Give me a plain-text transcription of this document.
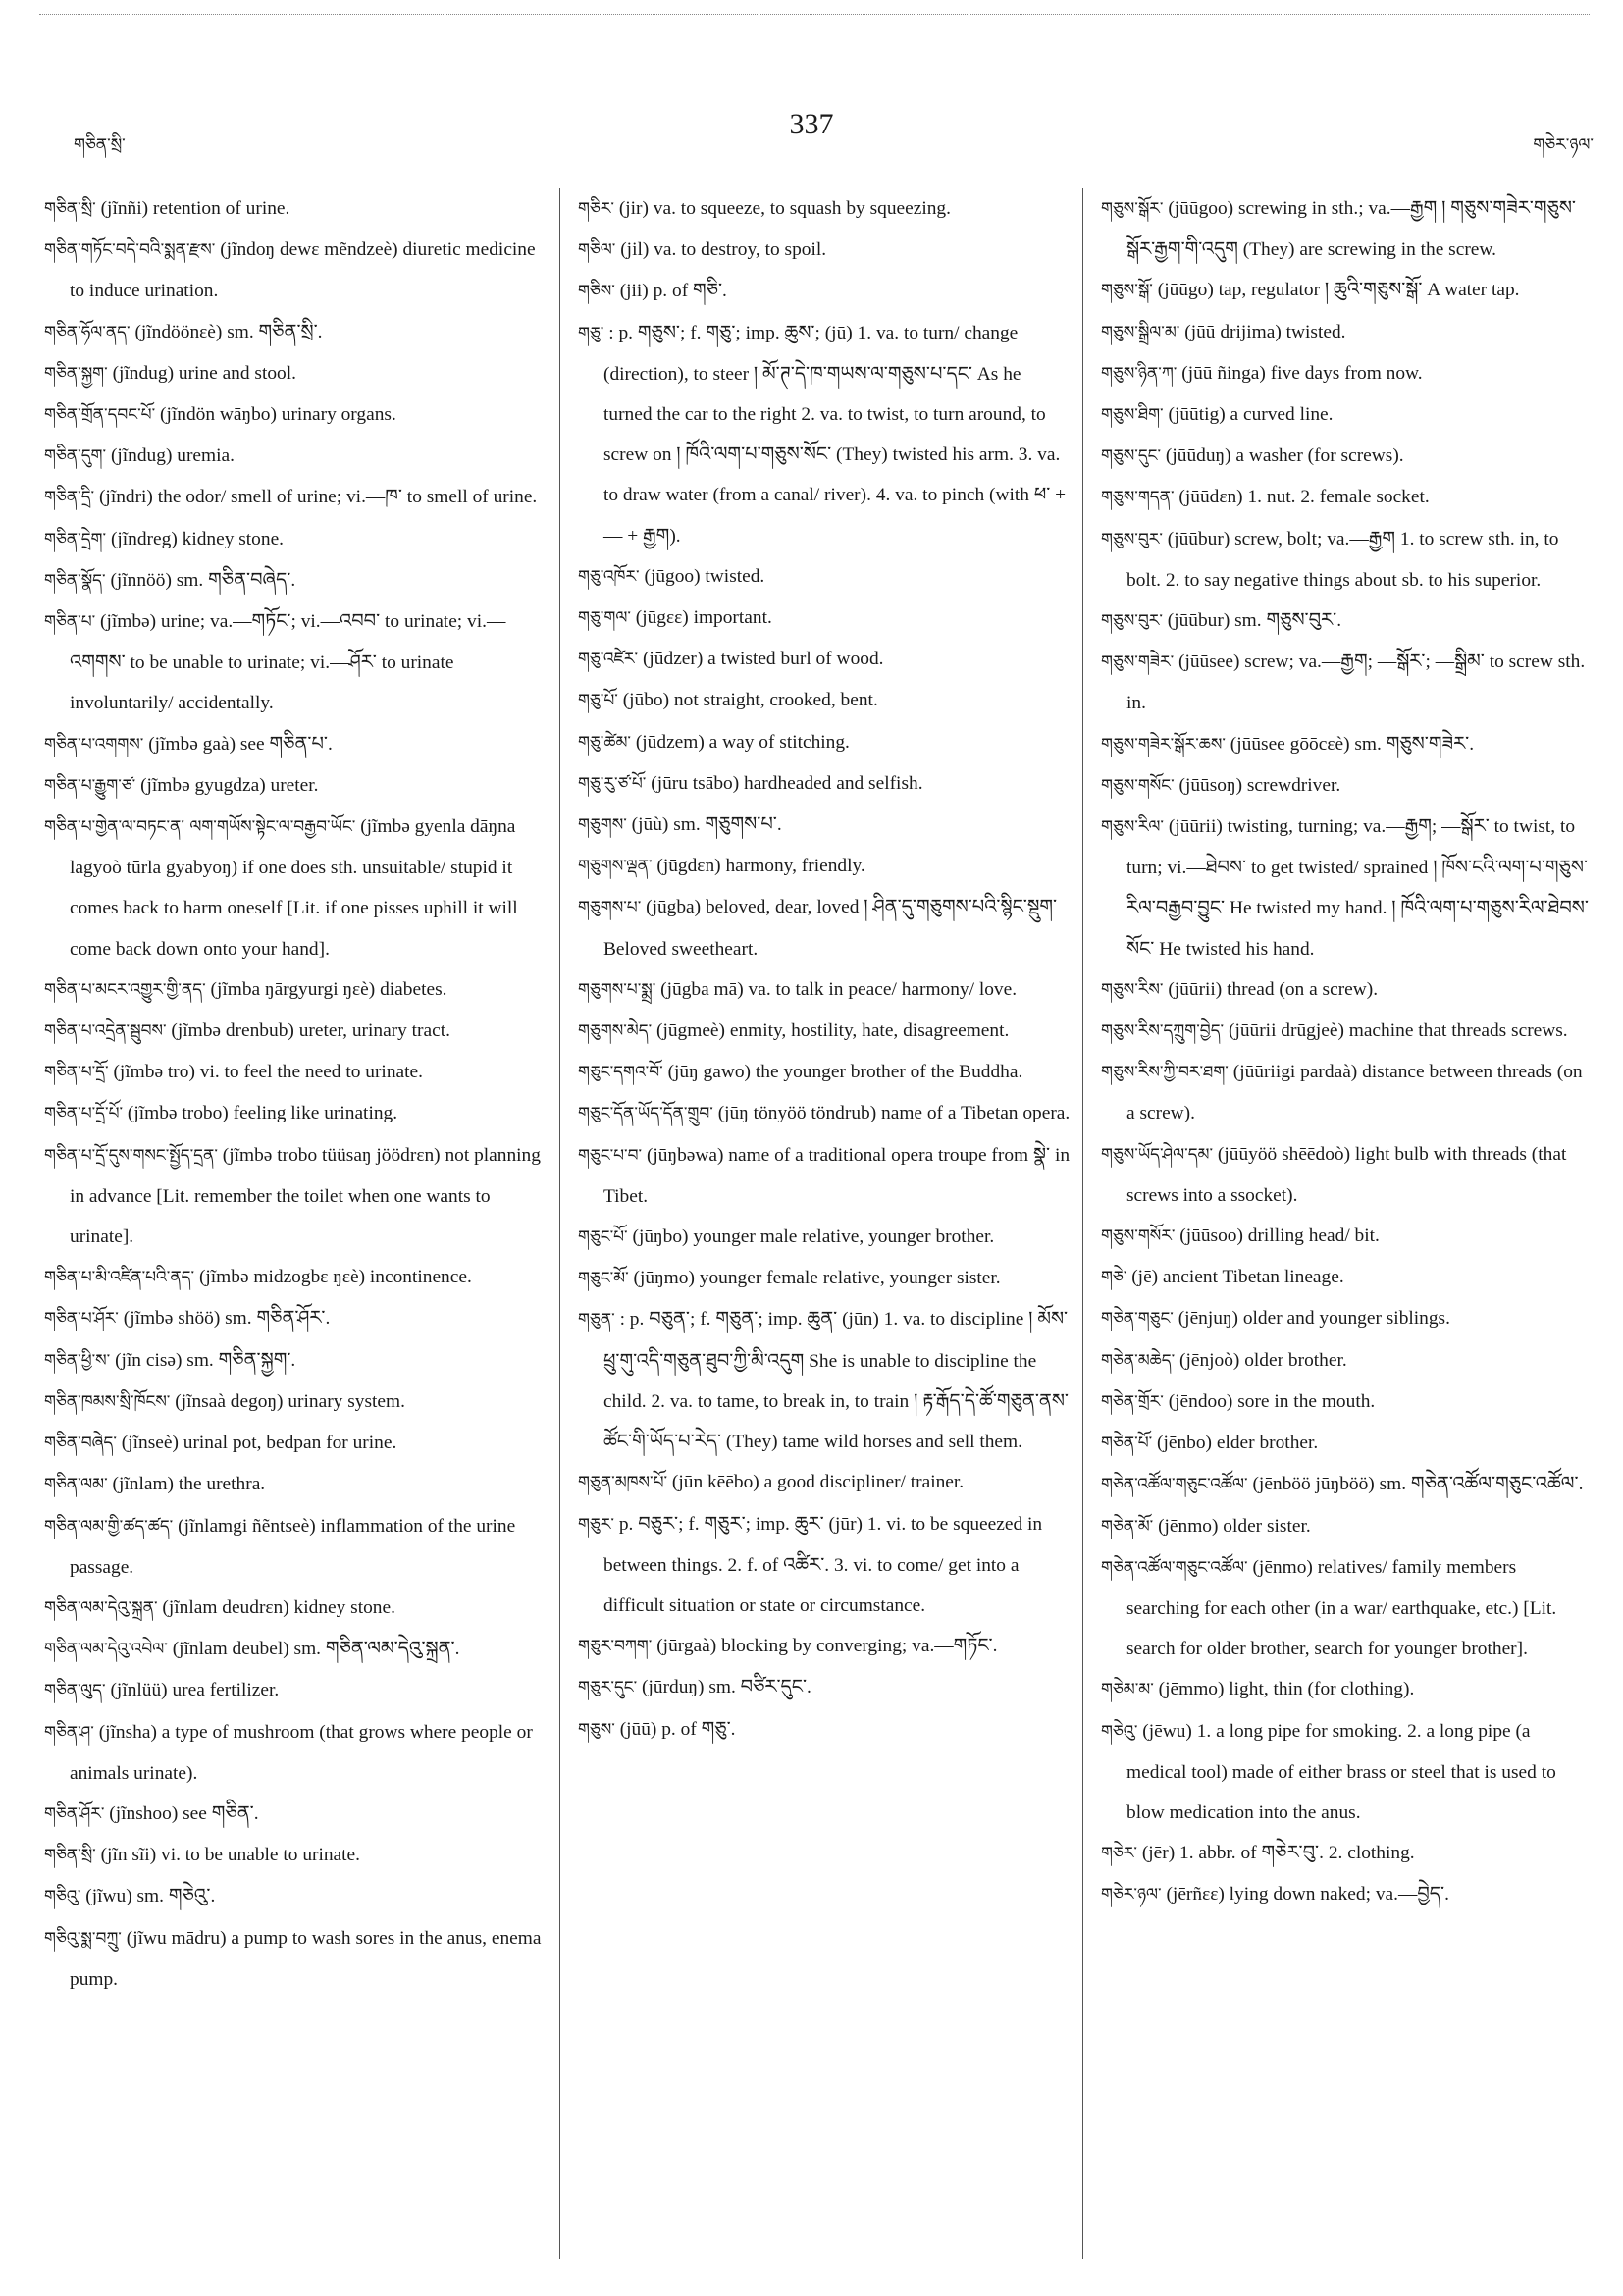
གཅིན་སྲི་
337
གཅེར་ཉལ་
གཅིན་སྲི་ (jĩnñi) retention of urine.
གཅིན་གཏོང་བདེ་བའི་སྨན་རྫས་ (jĩndoŋ dewɛ mẽndzeè) diuretic medicine to induce urination.
གཅིན་ཧོལ་ནད་ (jĩndöönεè) sm. གཅིན་སྲི་.
གཅིན་སྐྱག་ (jĩndug) urine and stool.
གཅིན་གྲོན་དབང་པོ་ (jĩndön wāŋbo) urinary organs.
གཅིན་དུག་ (jĩndug) uremia.
གཅིན་དྲི་ (jĩndri) the odor/ smell of urine; vi.—ཁ་ to smell of urine.
གཅིན་དྲེག་ (jĩndreg) kidney stone.
གཅིན་སྣོད་ (jĩnnöö) sm. གཅིན་བཞེད་.
གཅིན་པ་ (jĩmbə) urine; va.—གཏོང་; vi.—འབབ་ to urinate; vi.—འགགས་ to be unable to urinate; vi.—ཤོར་ to urinate involuntarily/ accidentally.
གཅིན་པ་འགགས་ (jĩmbə gaà) see གཅིན་པ་.
གཅིན་པ་རྒྱུག་ཙ་ (jĩmbə gyugdza) ureter.
གཅིན་པ་གྱེན་ལ་བཏང་ན་ ལག་གཡོས་སྟེང་ལ་བརྒྱབ་ཡོང་ (jĩmbə gyenla dāŋna lagyoò tūrla gyabyoŋ) if one does sth. unsuitable/ stupid it comes back to harm oneself [Lit. if one pisses uphill it will come back down onto your hand].
གཅིན་པ་མངར་འགྱུར་གྱི་ནད་ (jĩmba ŋārgyurgi ŋɛè) diabetes.
གཅིན་པ་འདྲེན་སྦུབས་ (jĩmbə drenbub) ureter, urinary tract.
གཅིན་པ་དྲོ་ (jĩmbə tro) vi. to feel the need to urinate.
གཅིན་པ་དྲོ་པོ་ (jĩmbə trobo) feeling like urinating.
གཅིན་པ་དྲོ་དུས་གསང་སྤྱོད་དྲན་ (jĩmbə trobo tüüsaŋ jöödrεn) not planning in advance [Lit. remember the toilet when one wants to urinate].
གཅིན་པ་མི་འཛིན་པའི་ནད་ (jĩmbə midzogbε ŋɛè) incontinence.
གཅིན་པ་ཤོར་ (jĩmbə shöö) sm. གཅིན་ཤོར་.
གཅིན་ཕྱི་ས་ (jĩn cisə) sm. གཅིན་སྐྱག་.
གཅིན་ཁམས་སྲི་ཁོངས་ (jĩnsaà degoŋ) urinary system.
གཅིན་བཞེད་ (jĩnseè) urinal pot, bedpan for urine.
གཅིན་ལམ་ (jĩnlam) the urethra.
གཅིན་ལམ་གྱི་ཚད་ཚད་ (jĩnlamgi ñẽntseè) inflammation of the urine passage.
གཅིན་ལམ་དེའུ་སྐྲན་ (jĩnlam deudrεn) kidney stone.
གཅིན་ལམ་དེའུ་འབེལ་ (jĩnlam deubel) sm. གཅིན་ལམ་དེའུ་སྐྲན་.
གཅིན་ལུད་ (jĩnlüü) urea fertilizer.
གཅིན་ཤ་ (jĩnsha) a type of mushroom (that grows where people or animals urinate).
གཅིན་ཤོར་ (jĩnshoo) see གཅིན་.
གཅིན་སྲི་ (jĩn sĩi) vi. to be unable to urinate.
གཅིའུ་ (jĩwu) sm. གཅེའུ་.
གཅིའུ་སྨ་བཀྲུ་ (jĩwu mādru) a pump to wash sores in the anus, enema pump.
གཅིར་ (jir) va. to squeeze, to squash by squeezing.
གཅིལ་ (jil) va. to destroy, to spoil.
གཅིས་ (jii) p. of གཅི་.
གཅུ་ : p. གཅུས་; f. གཅུ་; imp. ཆུས་; (jū) 1. va. to turn/ change (direction), to steer ། མོ་ཊ་དེ་ཁ་གཡས་ལ་གཅུས་པ་དང་ As he turned the car to the right 2. va. to twist, to turn around, to screw on ། ཁོའི་ལག་པ་གཅུས་སོང་ (They) twisted his arm. 3. va. to draw water (from a canal/ river). 4. va. to pinch (with ཕ་ + — + རྒྱག).
གཅུ་འཁོར་ (jūgoo) twisted.
གཅུ་གལ་ (jūgεε) important.
གཅུ་འཛེར་ (jūdzer) a twisted burl of wood.
གཅུ་པོ་ (jūbo) not straight, crooked, bent.
གཅུ་ཚེམ་ (jūdzem) a way of stitching.
གཅུ་རུ་ཙ་པོ་ (jūru tsābo) hardheaded and selfish.
གཅུགས་ (jūù) sm. གཅུགས་པ་.
གཅུགས་ལྡན་ (jūgdεn) harmony, friendly.
གཅུགས་པ་ (jūgba) beloved, dear, loved ། ཤིན་དུ་གཅུགས་པའི་སྙིང་སྡུག་ Beloved sweetheart.
གཅུགས་པ་སྨྲ་ (jūgba mā) va. to talk in peace/ harmony/ love.
གཅུགས་མེད་ (jūgmeè) enmity, hostility, hate, disagreement.
གཅུང་དགའ་བོ་ (jūŋ gawo) the younger brother of the Buddha.
གཅུང་དོན་ཡོད་དོན་གྲུབ་ (jūŋ tönyöö töndrub) name of a Tibetan opera.
གཅུང་པ་བ་ (jūŋbəwa) name of a traditional opera troupe from སྣེ་ in Tibet.
གཅུང་པོ་ (jūŋbo) younger male relative, younger brother.
གཅུང་མོ་ (jūŋmo) younger female relative, younger sister.
གཅུན་ : p. བཅུན་; f. གཅུན་; imp. ཆུན་ (jūn) 1. va. to discipline ། མོས་ཕྲུ་གུ་འདི་གཅུན་ཐུབ་ཀྱི་མི་འདུག She is unable to discipline the child. 2. va. to tame, to break in, to train ། རྟ་རྒོད་དེ་ཚོ་གཅུན་ནས་ཚོང་གི་ཡོད་པ་རེད་ (They) tame wild horses and sell them.
གཅུན་མཁས་པོ་ (jūn kēēbo) a good discipliner/ trainer.
གཅུར་ p. བཅུར་; f. གཅུར་; imp. ཆུར་ (jūr) 1. vi. to be squeezed in between things. 2. f. of འཚིར་. 3. vi. to come/ get into a difficult situation or state or circumstance.
གཅུར་བཀག་ (jūrgaà) blocking by converging; va.—གཏོང་.
གཅུར་དུང་ (jūrduŋ) sm. བཙིར་དུང་.
གཅུས་ (jūū) p. of གཅུ་.
གཅུས་སྒོར་ (jūūgoo) screwing in sth.; va.—རྒྱག ། གཅུས་གཟེར་གཅུས་སྒོར་རྒྱག་གི་འདུག (They) are screwing in the screw.
གཅུས་སྒོ་ (jūūgo) tap, regulator ། ཆུའི་གཅུས་སྒོ་ A water tap.
གཅུས་སྒྲིལ་མ་ (jūū drijima) twisted.
གཅུས་ཉིན་ཀ་ (jūū ñinga) five days from now.
གཅུས་ཐིག་ (jūūtig) a curved line.
གཅུས་དུང་ (jūūduŋ) a washer (for screws).
གཅུས་གདན་ (jūūdεn) 1. nut. 2. female socket.
གཅུས་བུར་ (jūūbur) screw, bolt; va.—རྒྱག 1. to screw sth. in, to bolt. 2. to say negative things about sb. to his superior.
གཅུས་བུར་ (jūūbur) sm. གཅུས་བུར་.
གཅུས་གཟེར་ (jūūsee) screw; va.—རྒྱག; —སྒོར་; —སྒྲིམ་ to screw sth. in.
གཅུས་གཟེར་སྒོར་ཆས་ (jūūsee gōōcεè) sm. གཅུས་གཟེར་.
གཅུས་གསོང་ (jūūsoŋ) screwdriver.
གཅུས་རིལ་ (jūūrii) twisting, turning; va.—རྒྱག; —སྒོར་ to twist, to turn; vi.—ཐེབས་ to get twisted/ sprained ། ཁོས་ངའི་ལག་པ་གཅུས་རིལ་བརྒྱབ་བྱུང་ He twisted my hand. ། ཁོའི་ལག་པ་གཅུས་རིལ་ཐེབས་སོང་ He twisted his hand.
གཅུས་རིས་ (jūūrii) thread (on a screw).
གཅུས་རིས་དཀྲུག་བྱེད་ (jūūrii drūgjeè) machine that threads screws.
གཅུས་རིས་ཀྱི་བར་ཐག་ (jūūriigi pardaà) distance between threads (on a screw).
གཅུས་ཡོད་ཤེལ་དམ་ (jūūyöö shēēdoò) light bulb with threads (that screws into a ssocket).
གཅུས་གསོར་ (jūūsoo) drilling head/ bit.
གཅེ་ (jē) ancient Tibetan lineage.
གཅེན་གཅུང་ (jēnjuŋ) older and younger siblings.
གཅེན་མཆེད་ (jēnjoò) older brother.
གཅེན་གྲོར་ (jēndoo) sore in the mouth.
གཅེན་པོ་ (jēnbo) elder brother.
གཅེན་འཚོལ་གཅུང་འཚོལ་ (jēnböö jūŋböö) sm. གཅེན་འཚོལ་གཅུང་འཚོལ་.
གཅེན་མོ་ (jēnmo) older sister.
གཅེན་འཚོལ་གཅུང་འཚོལ་ (jēnmo) relatives/ family members searching for each other (in a war/ earthquake, etc.) [Lit. search for older brother, search for younger brother].
གཅེམ་མ་ (jēmmo) light, thin (for clothing).
གཅེའུ་ (jēwu) 1. a long pipe for smoking. 2. a long pipe (a medical tool) made of either brass or steel that is used to blow medication into the anus.
གཅེར་ (jēr) 1. abbr. of གཅེར་བུ་. 2. clothing.
གཅེར་ཉལ་ (jērñεε) lying down naked; va.—བྱེད་.
